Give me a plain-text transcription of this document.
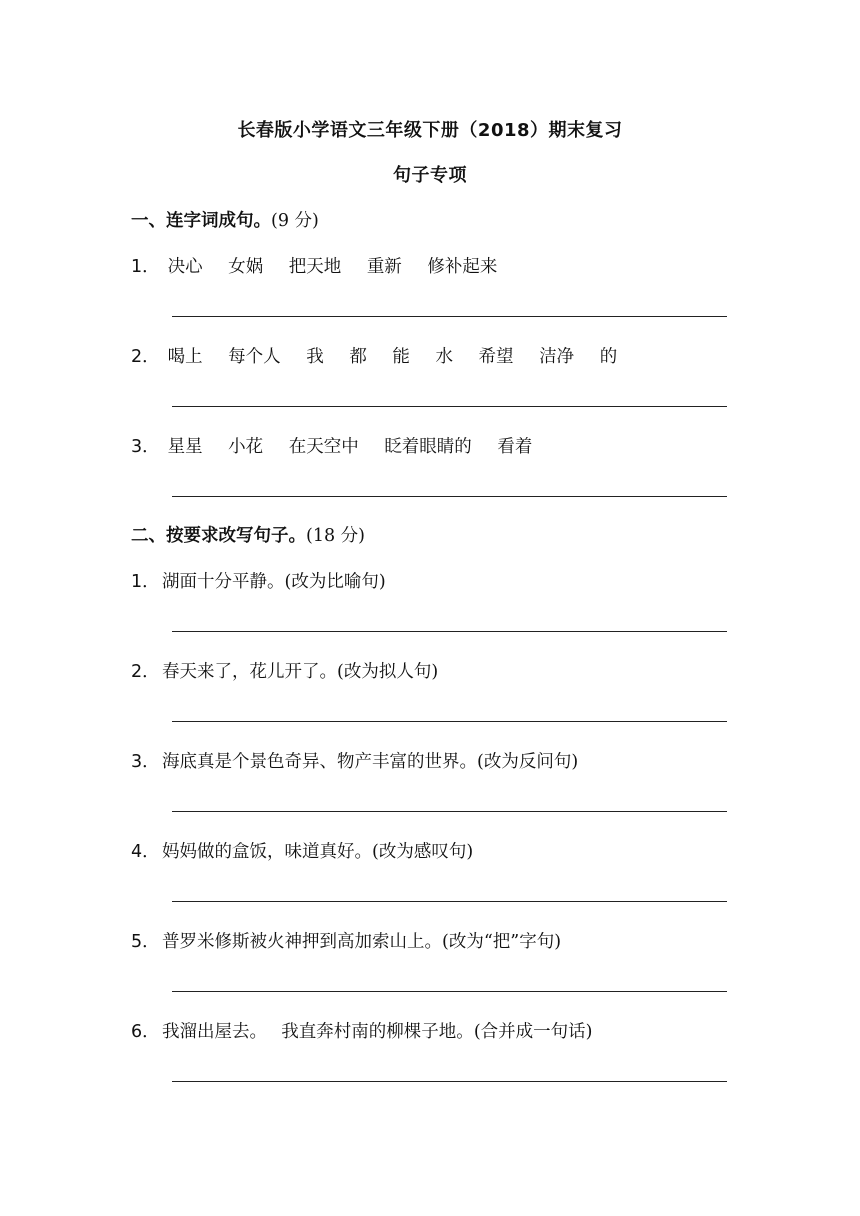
长春版小学语文三年级下册（2018）期末复习
句子专项
一、连字词成句。(9 分)
1． 决心 女娲 把天地 重新 修补起来
2． 喝上 每个人 我 都 能 水 希望 洁净 的
3． 星星 小花 在天空中 眨着眼睛的 看着
二、按要求改写句子。(18 分)
1． 湖面十分平静。(改为比喻句)
2． 春天来了，花儿开了。(改为拟人句)
3． 海底真是个景色奇异、物产丰富的世界。(改为反问句)
4． 妈妈做的盒饭，味道真好。(改为感叹句)
5． 普罗米修斯被火神押到高加索山上。(改为“把”字句)
6． 我溜出屋去。　 我直奔村南的柳棵子地。(合并成一句话)
